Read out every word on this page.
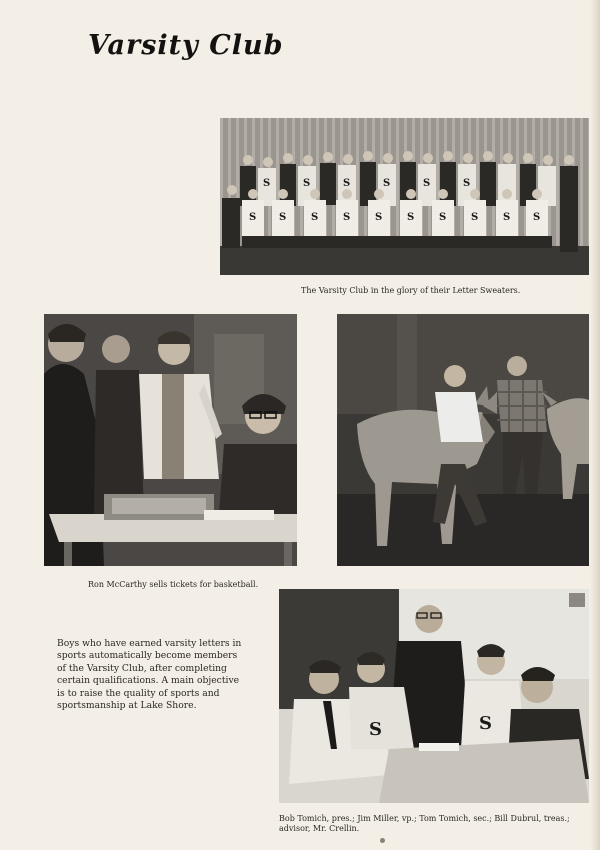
Varsity Club
S S S S S S S S S S
S	S	S	S	S	S
The Varsity Club in the glory of their Letter Sweaters.
Ron McCarthy sells tickets for basketball.
Boys who have earned varsity letters in sports automatically become members of the Varsity Club, after completing certain qualifications. A main objective is to raise the quality of sports and sportsmanship at Lake Shore.
S	S
Bob Tomich, pres.; Jim Miller, vp.; Tom Tomich, sec.; Bill Dubrul, treas.; advisor, Mr. Crellin.
